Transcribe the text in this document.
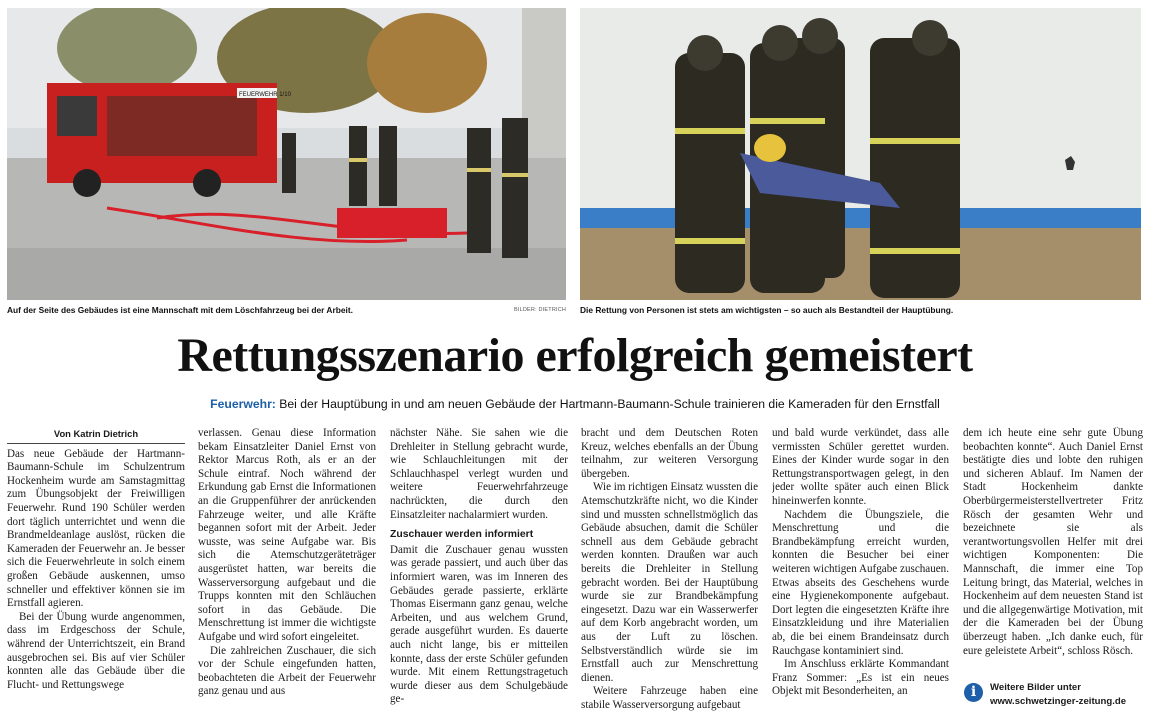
FEUERWEHR 1/10
Auf der Seite des Gebäudes ist eine Mannschaft mit dem Löschfahrzeug bei der Arbeit.	BILDER: DIETRICH Die Rettung von Personen ist stets am wichtigsten – so auch als Bestandteil der Hauptübung.
Rettungsszenario erfolgreich gemeistert
Feuerwehr: Bei der Hauptübung in und am neuen Gebäude der Hartmann-Baumann-Schule trainieren die Kameraden für den Ernstfall
Von Katrin Dietrich

Das neue Gebäude der Hartmann-Baumann-Schule im Schulzentrum Hockenheim wurde am Samstagmittag zum Übungsobjekt der Freiwilligen Feuerwehr. Rund 190 Schüler werden dort täglich unterrichtet und wenn die Brandmeldeanlage auslöst, rücken die Kameraden der Feuerwehr an. Je besser sich die Feuerwehrleute in solch einem großen Gebäude auskennen, umso schneller und effektiver können sie im Ernstfall agieren.

Bei der Übung wurde angenommen, dass im Erdgeschoss der Schule, während der Unterrichtszeit, ein Brand ausgebrochen sei. Bis auf vier Schüler konnten alle das Gebäude über die Flucht- und Rettungswege

verlassen. Genau diese Information bekam Einsatzleiter Daniel Ernst von Rektor Marcus Roth, als er an der Schule eintraf. Noch während der Erkundung gab Ernst die Informationen an die Gruppenführer der anrückenden Fahrzeuge weiter, und alle Kräfte begannen sofort mit der Arbeit. Jeder wusste, was seine Aufgabe war. Bis sich die Atemschutzgeräteträger ausgerüstet hatten, war bereits die Wasserversorgung aufgebaut und die Trupps konnten mit den Schläuchen sofort in das Gebäude. Die Menschrettung ist immer die wichtigste Aufgabe und wird sofort eingeleitet.

Die zahlreichen Zuschauer, die sich vor der Schule eingefunden hatten, beobachteten die Arbeit der Feuerwehr ganz genau und aus

nächster Nähe. Sie sahen wie die Drehleiter in Stellung gebracht wurde, wie Schlauchleitungen mit der Schlauchhaspel verlegt wurden und weitere Feuerwehrfahrzeuge nachrückten, die durch den Einsatzleiter nachalarmiert wurden.

Zuschauer werden informiert

Damit die Zuschauer genau wussten was gerade passiert, und auch über das informiert waren, was im Inneren des Gebäudes gerade passierte, erklärte Thomas Eisermann ganz genau, welche Arbeiten, und aus welchem Grund, gerade ausgeführt wurden. Es dauerte auch nicht lange, bis er mitteilen konnte, dass der erste Schüler gefunden wurde. Mit einem Rettungstragetuch wurde dieser aus dem Schulgebäude ge-

bracht und dem Deutschen Roten Kreuz, welches ebenfalls an der Übung teilnahm, zur weiteren Versorgung übergeben.

Wie im richtigen Einsatz wussten die Atemschutzkräfte nicht, wo die Kinder sind und mussten schnellstmöglich das Gebäude absuchen, damit die Schüler schnell aus dem Gebäude gebracht werden konnten. Draußen war auch bereits die Drehleiter in Stellung gebracht worden. Bei der Hauptübung wurde sie zur Brandbekämpfung eingesetzt. Dazu war ein Wasserwerfer auf dem Korb angebracht worden, um aus der Luft zu löschen. Selbstverständlich würde sie im Ernstfall auch zur Menschrettung dienen.

Weitere Fahrzeuge haben eine stabile Wasserversorgung aufgebaut

und bald wurde verkündet, dass alle vermissten Schüler gerettet wurden. Eines der Kinder wurde sogar in den Rettungstransportwagen gelegt, in den jeder wollte später auch einen Blick hineinwerfen konnte.

Nachdem die Übungsziele, die Menschrettung und die Brandbekämpfung erreicht wurden, konnten die Besucher bei einer weiteren wichtigen Aufgabe zuschauen. Etwas abseits des Geschehens wurde eine Hygienekomponente aufgebaut. Dort legten die eingesetzten Kräfte ihre Einsatzkleidung und ihre Materialien ab, die bei einem Brandeinsatz durch Rauchgase kontaminiert sind.

Im Anschluss erklärte Kommandant Franz Sommer: „Es ist ein neues Objekt mit Besonderheiten, an

dem ich heute eine sehr gute Übung beobachten konnte“. Auch Daniel Ernst bestätigte dies und lobte den ruhigen und sicheren Ablauf. Im Namen der Stadt Hockenheim dankte Oberbürgermeisterstellvertreter Fritz Rösch der gesamten Wehr und bezeichnete sie als verantwortungsvollen Helfer mit drei wichtigen Komponenten: Die Mannschaft, die immer eine Top Leitung bringt, das Material, welches in Hockenheim auf dem neuesten Stand ist und die allgegenwärtige Motivation, mit der die Kameraden bei der Übung überzeugt haben. „Ich danke euch, für eure geleistete Arbeit“, schloss Rösch.

i	Weitere Bilder unter
www.schwetzinger-zeitung.de
